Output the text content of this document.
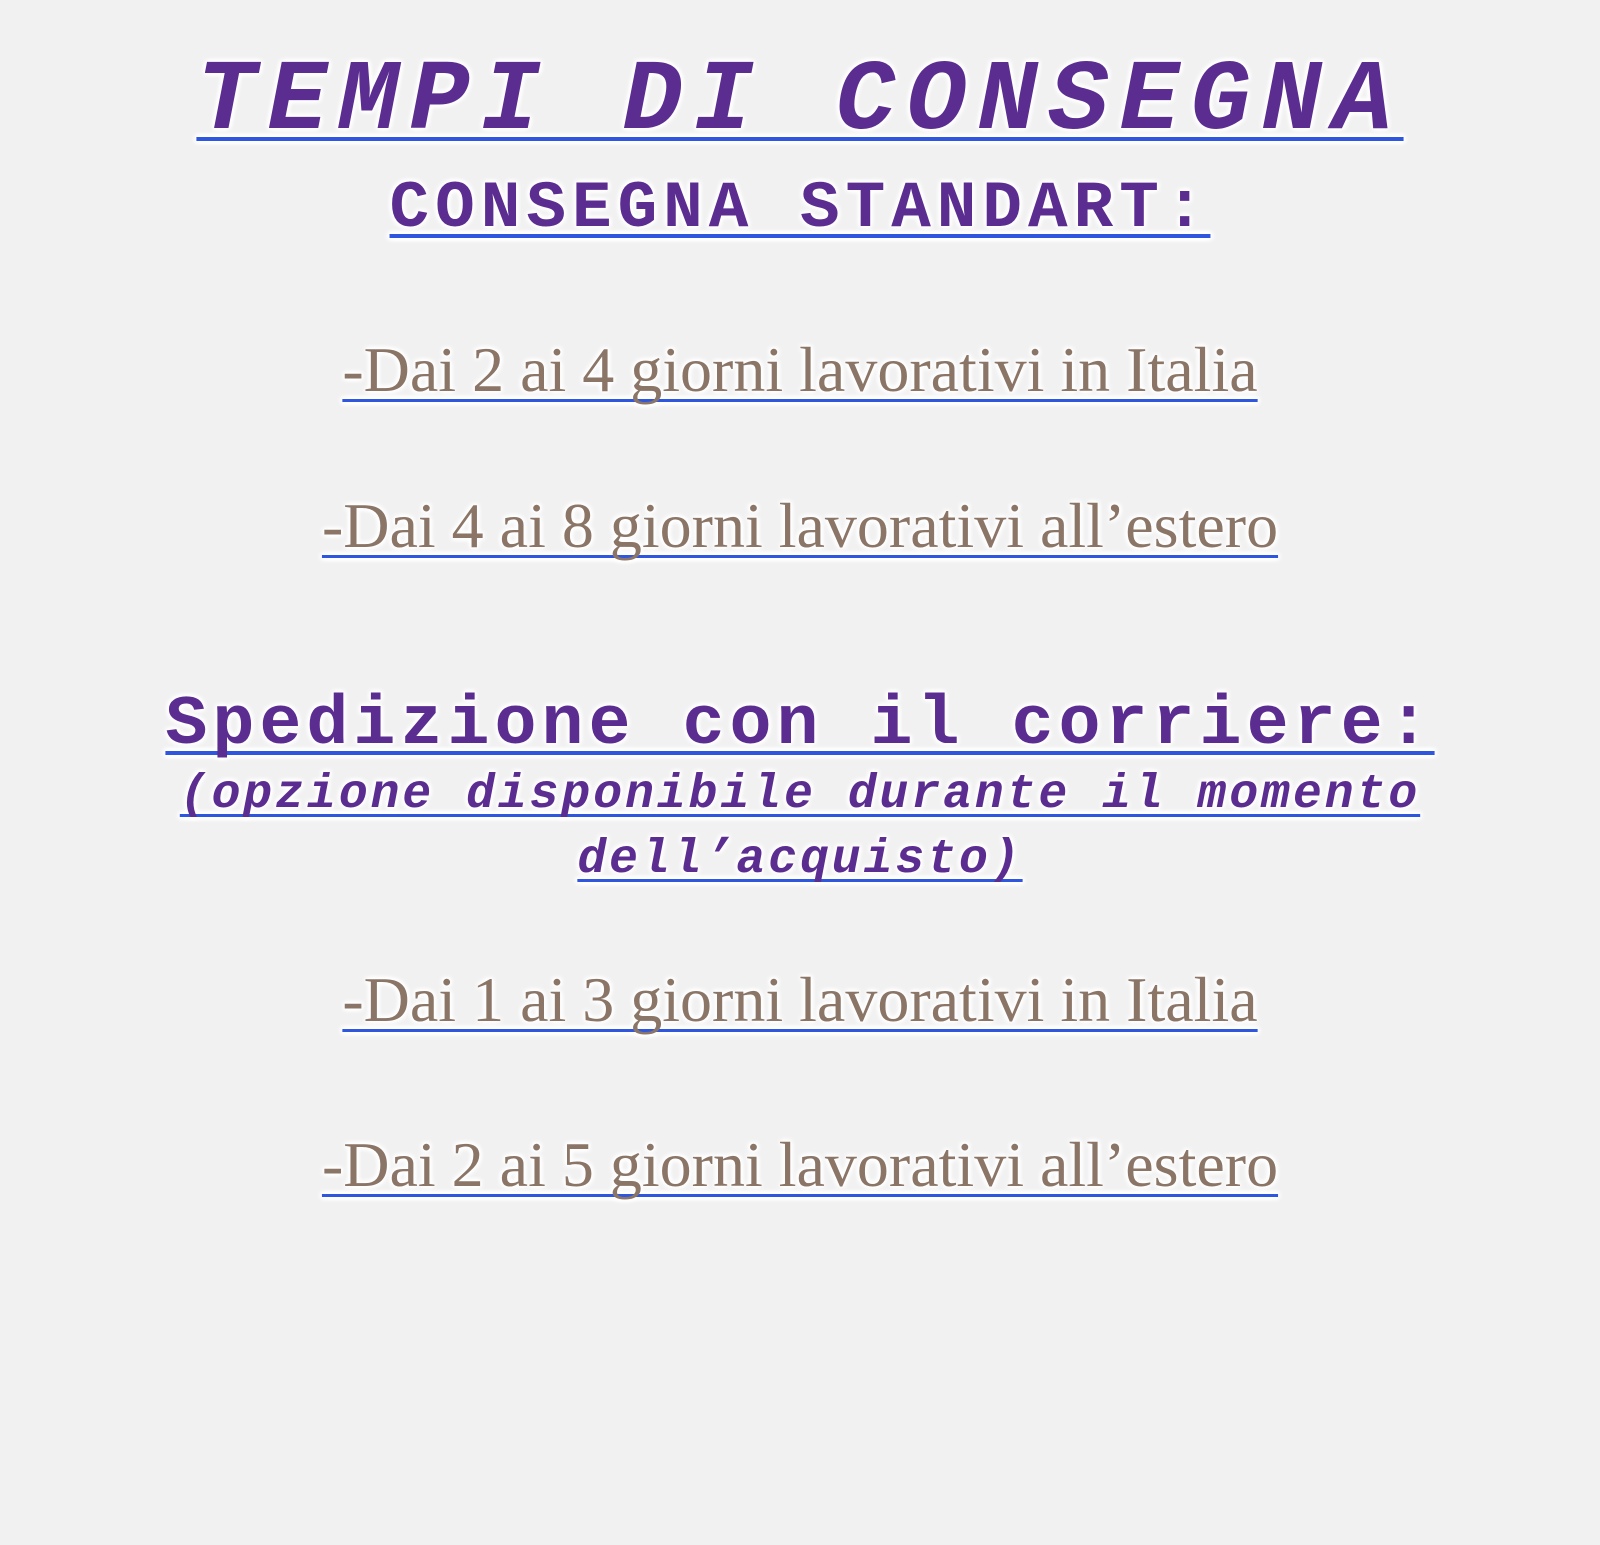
TEMPI DI CONSEGNA
CONSEGNA STANDART:

-Dai 2 ai 4 giorni lavorativi in Italia

-Dai 4 ai 8 giorni lavorativi all’estero

Spedizione con il corriere:

(opzione disponibile durante il momento dell’acquisto)

-Dai 1 ai 3 giorni lavorativi in Italia

-Dai 2 ai 5 giorni lavorativi all’estero
